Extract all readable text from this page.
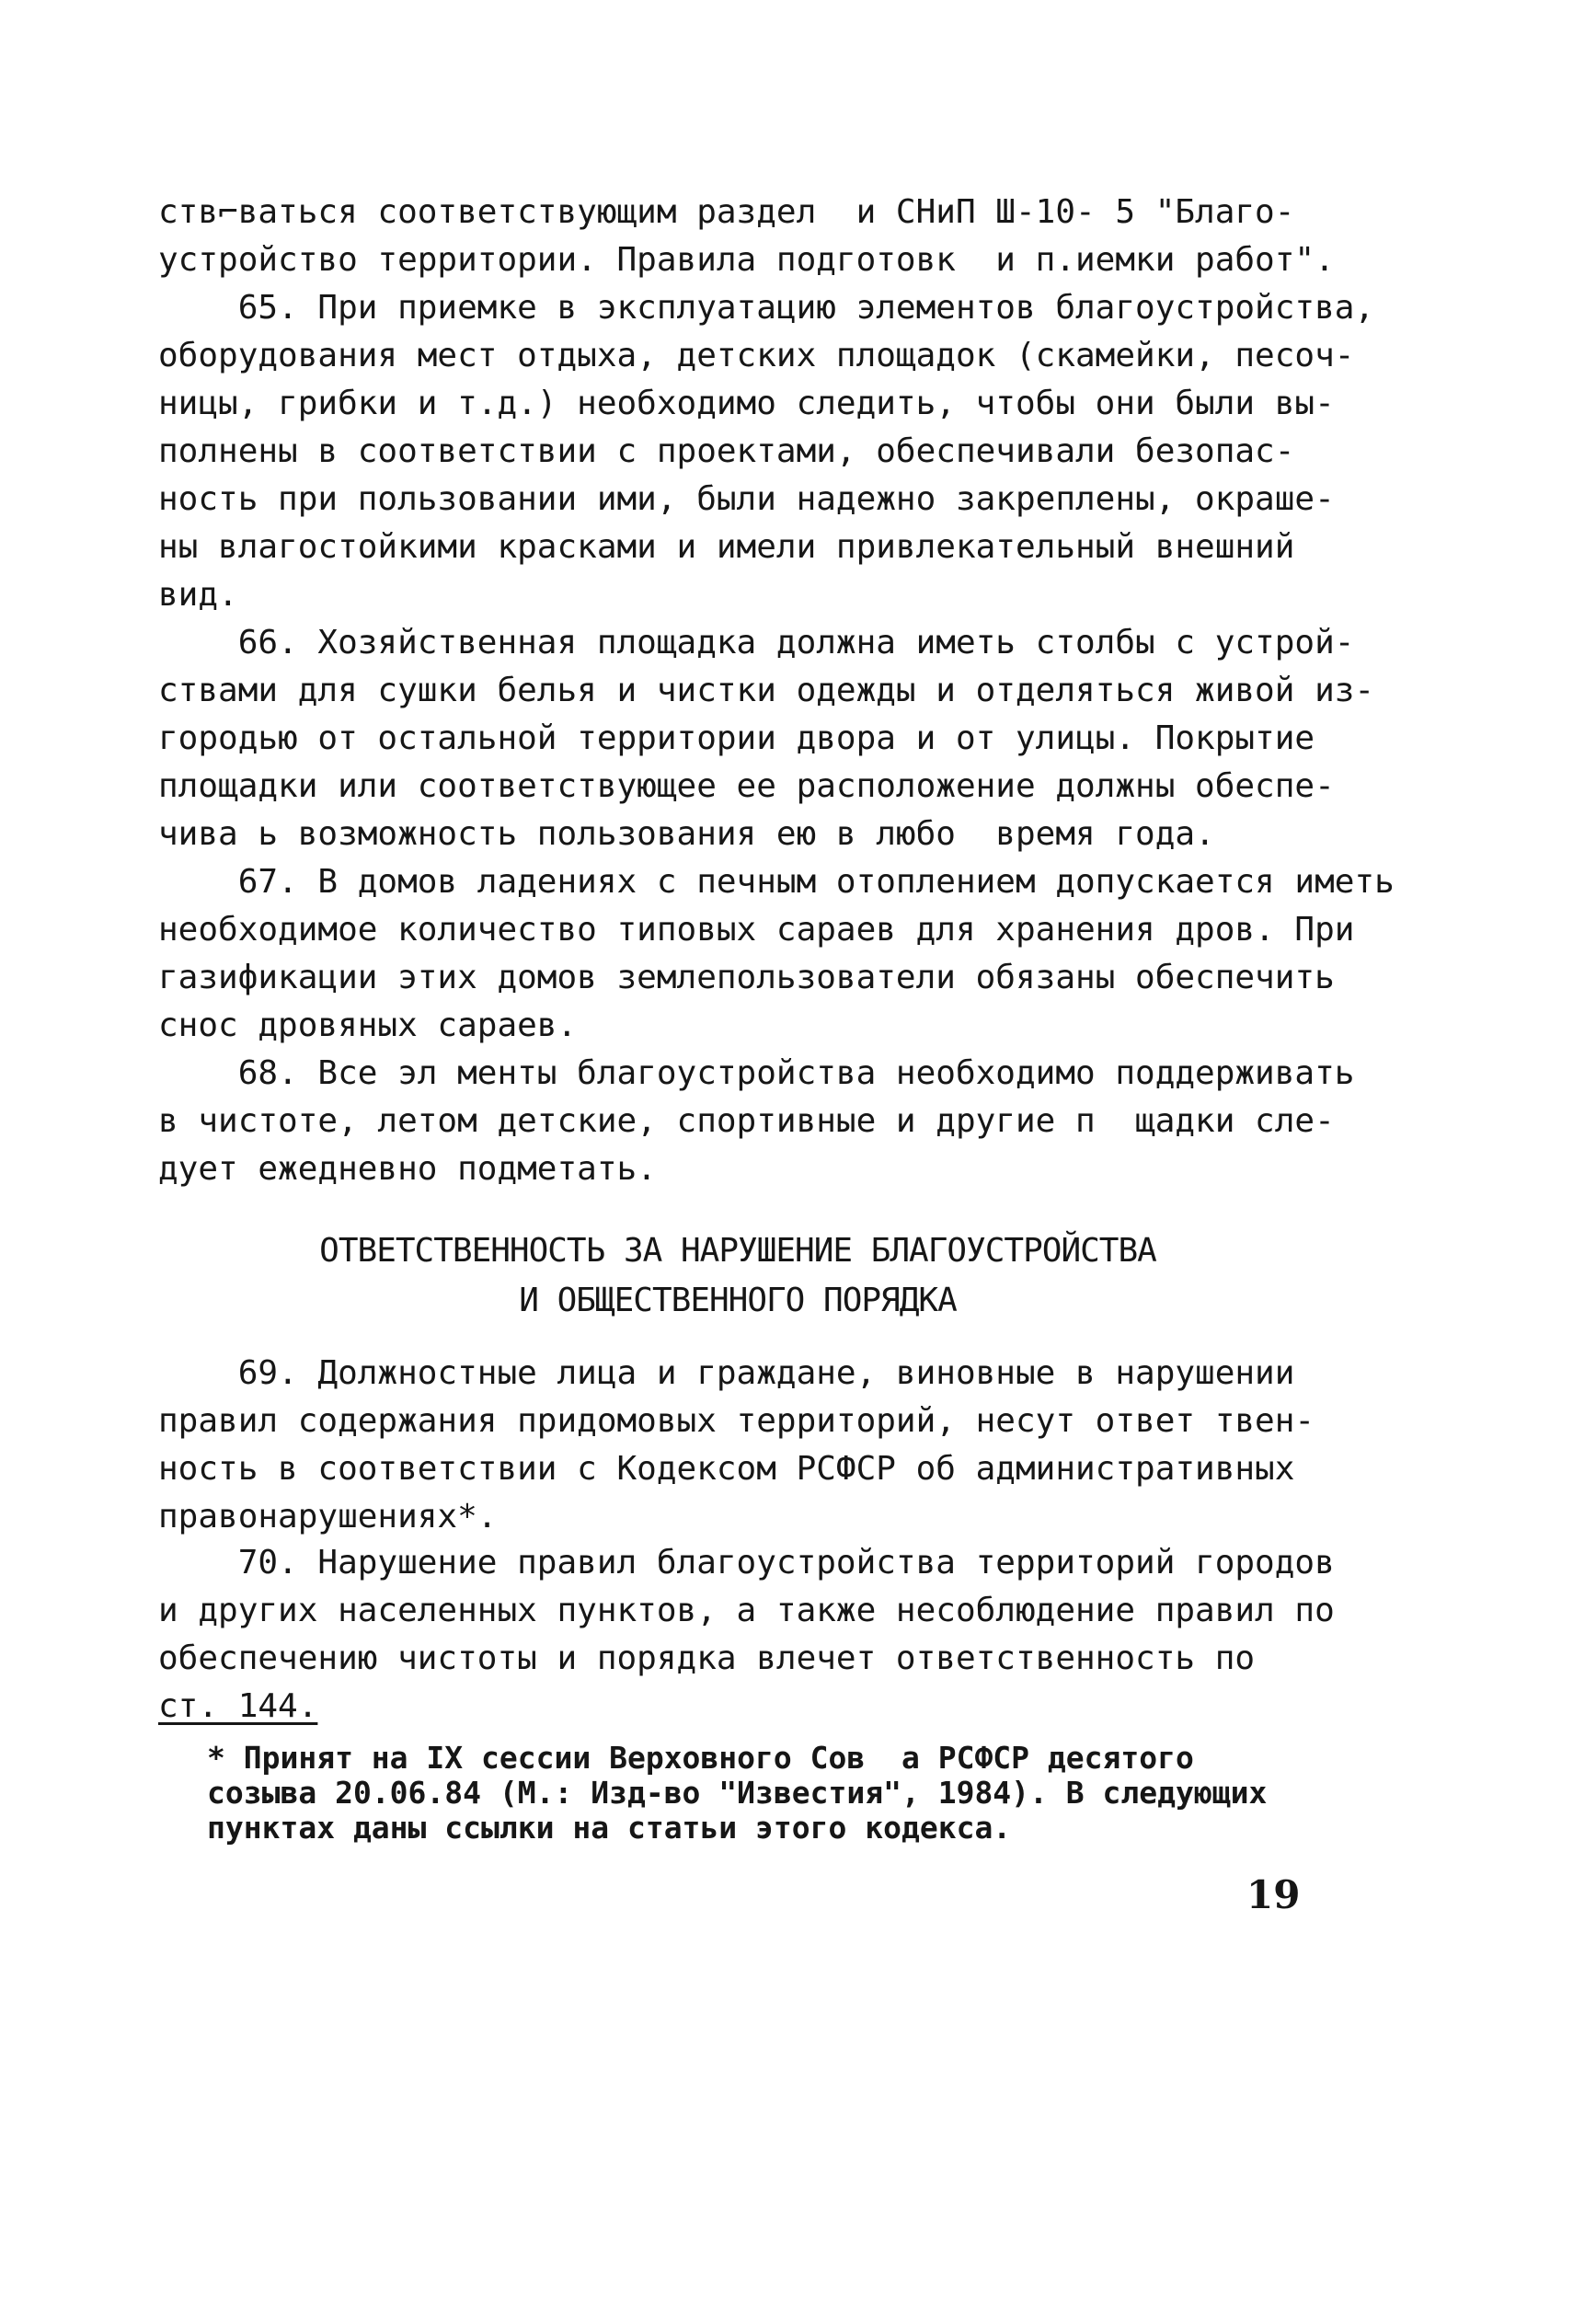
ств⌐ваться соответствующим раздел  и СНиП Ш-10- 5 "Благо-
устройство территории. Правила подготовк  и п.иемки работ".
65. При приемке в эксплуатацию элементов благоустройства,
оборудования мест отдыха, детских площадок (скамейки, песоч-
ницы, грибки и т.д.) необходимо следить, чтобы они были вы-
полнены в соответствии с проектами, обеспечивали безопас-
ность при пользовании ими, были надежно закреплены, окраше-
ны влагостойкими красками и имели привлекательный внешний
вид.
66. Хозяйственная площадка должна иметь столбы с устрой-
ствами для сушки белья и чистки одежды и отделяться живой из-
городью от остальной территории двора и от улицы. Покрытие
площадки или соответствующее ее расположение должны обеспе-
чива ь возможность пользования ею в любо  время года.
67. В домов ладениях с печным отоплением допускается иметь
необходимое количество типовых сараев для хранения дров. При
газификации этих домов землепользователи обязаны обеспечить
снос дровяных сараев.
68. Все эл менты благоустройства необходимо поддерживать
в чистоте, летом детские, спортивные и другие п  щадки сле-
дует ежедневно подметать.
ОТВЕТСТВЕННОСТЬ ЗА НАРУШЕНИЕ БЛАГОУСТРОЙСТВА
И ОБЩЕСТВЕННОГО ПОРЯДКА
69. Должностные лица и граждане, виновные в нарушении
правил содержания придомовых территорий, несут ответ твен-
ность в соответствии с Кодексом РСФСР об административных
правонарушениях*.
70. Нарушение правил благоустройства территорий городов
и других населенных пунктов, а также несоблюдение правил по
обеспечению чистоты и порядка влечет ответственность по
ст. 144.
* Принят на IX сессии Верховного Сов  а РСФСР десятого
созыва 20.06.84 (М.: Изд-во "Известия", 1984). В следующих
пунктах даны ссылки на статьи этого кодекса.
19
